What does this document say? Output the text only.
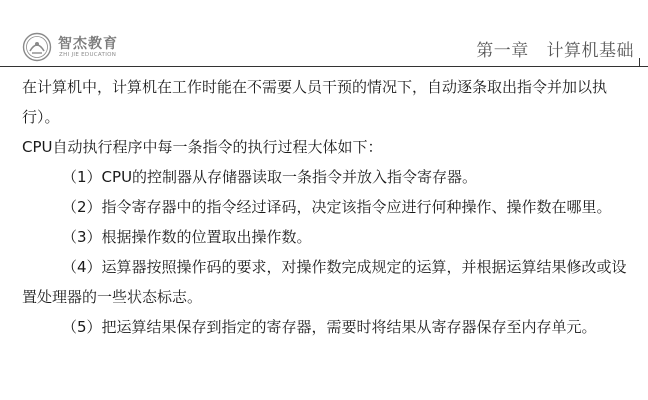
智杰教育
ZHI JIE EDUCATION	第一章   计算机基础

在计算机中，计算机在工作时能在不需要人员干预的情况下，自动逐条取出指令并加以执行）。

CPU自动执行程序中每一条指令的执行过程大体如下：

（1）CPU的控制器从存储器读取一条指令并放入指令寄存器。

（2）指令寄存器中的指令经过译码，决定该指令应进行何种操作、操作数在哪里。

（3）根据操作数的位置取出操作数。

（4）运算器按照操作码的要求，对操作数完成规定的运算，并根据运算结果修改或设置处理器的一些状态标志。

（5）把运算结果保存到指定的寄存器，需要时将结果从寄存器保存至内存单元。
